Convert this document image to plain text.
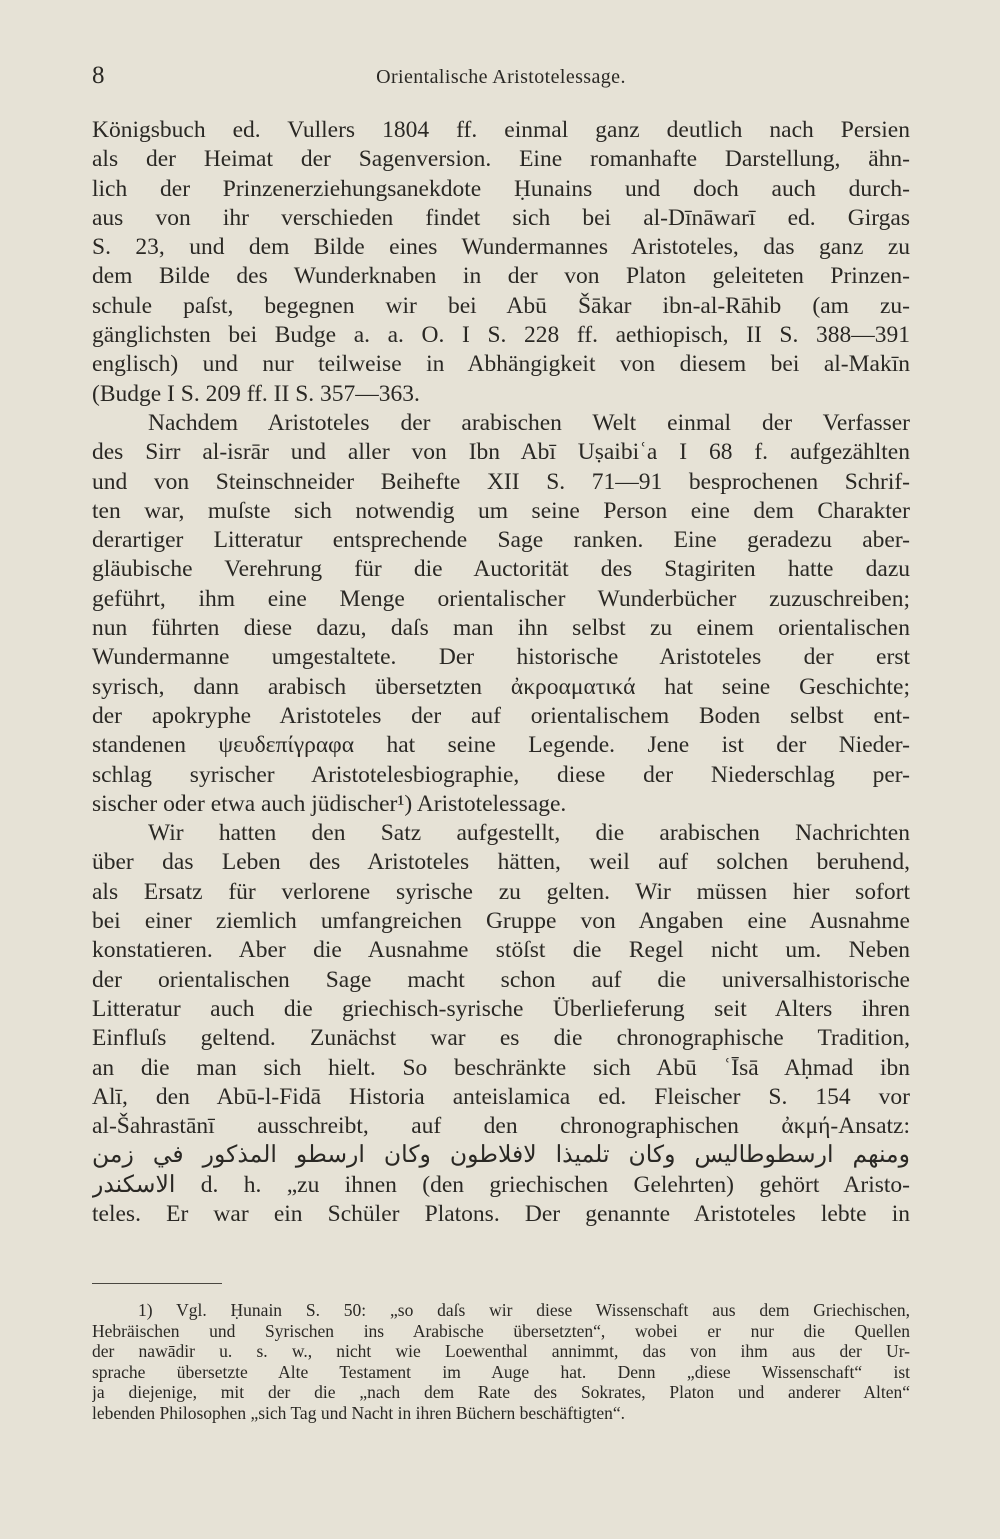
8	Orientalische Aristotelessage.
Königsbuch ed. Vullers 1804 ff. einmal ganz deutlich nach Persien
als der Heimat der Sagenversion. Eine romanhafte Darstellung, ähn-
lich der Prinzenerziehungsanekdote Ḥunains und doch auch durch-
aus von ihr verschieden findet sich bei al-Dīnāwarī ed. Girgas
S. 23, und dem Bilde eines Wundermannes Aristoteles, das ganz zu
dem Bilde des Wunderknaben in der von Platon geleiteten Prinzen-
schule paſst, begegnen wir bei Abū Šākar ibn-al-Rāhib (am zu-
gänglichsten bei Budge a. a. O. I S. 228 ff. aethiopisch, II S. 388—391
englisch) und nur teilweise in Abhängigkeit von diesem bei al-Makīn
(Budge I S. 209 ff. II S. 357—363.
Nachdem Aristoteles der arabischen Welt einmal der Verfasser
des Sirr al-isrār und aller von Ibn Abī Uṣaibiʿa I 68 f. aufgezählten
und von Steinschneider Beihefte XII S. 71—91 besprochenen Schrif-
ten war, muſste sich notwendig um seine Person eine dem Charakter
derartiger Litteratur entsprechende Sage ranken. Eine geradezu aber-
gläubische Verehrung für die Auctorität des Stagiriten hatte dazu
geführt, ihm eine Menge orientalischer Wunderbücher zuzuschreiben;
nun führten diese dazu, daſs man ihn selbst zu einem orientalischen
Wundermanne umgestaltete. Der historische Aristoteles der erst
syrisch, dann arabisch übersetzten ἀκροαματικά hat seine Geschichte;
der apokryphe Aristoteles der auf orientalischem Boden selbst ent-
standenen ψευδεπίγραφα hat seine Legende. Jene ist der Nieder-
schlag syrischer Aristotelesbiographie, diese der Niederschlag per-
sischer oder etwa auch jüdischer¹) Aristotelessage.
Wir hatten den Satz aufgestellt, die arabischen Nachrichten
über das Leben des Aristoteles hätten, weil auf solchen beruhend,
als Ersatz für verlorene syrische zu gelten. Wir müssen hier sofort
bei einer ziemlich umfangreichen Gruppe von Angaben eine Ausnahme
konstatieren. Aber die Ausnahme stöſst die Regel nicht um. Neben
der orientalischen Sage macht schon auf die universalhistorische
Litteratur auch die griechisch-syrische Überlieferung seit Alters ihren
Einfluſs geltend. Zunächst war es die chronographische Tradition,
an die man sich hielt. So beschränkte sich Abū ʿĪsā Aḥmad ibn
Alī, den Abū-l-Fidā Historia anteislamica ed. Fleischer S. 154 vor
al-Šahrastānī ausschreibt, auf den chronographischen ἀκμή-Ansatz:
ومنهم ارسطوطاليس وكان تلميذا لافلاطون وكان ارسطو المذكور في زمن
الاسكندر d. h. „zu ihnen (den griechischen Gelehrten) gehört Aristo-
teles. Er war ein Schüler Platons. Der genannte Aristoteles lebte in
1) Vgl. Ḥunain S. 50: „so daſs wir diese Wissenschaft aus dem Griechischen,
Hebräischen und Syrischen ins Arabische übersetzten“, wobei er nur die Quellen
der nawādir u. s. w., nicht wie Loewenthal annimmt, das von ihm aus der Ur-
sprache übersetzte Alte Testament im Auge hat. Denn „diese Wissenschaft“ ist
ja diejenige, mit der die „nach dem Rate des Sokrates, Platon und anderer Alten“
lebenden Philosophen „sich Tag und Nacht in ihren Büchern beschäftigten“.
